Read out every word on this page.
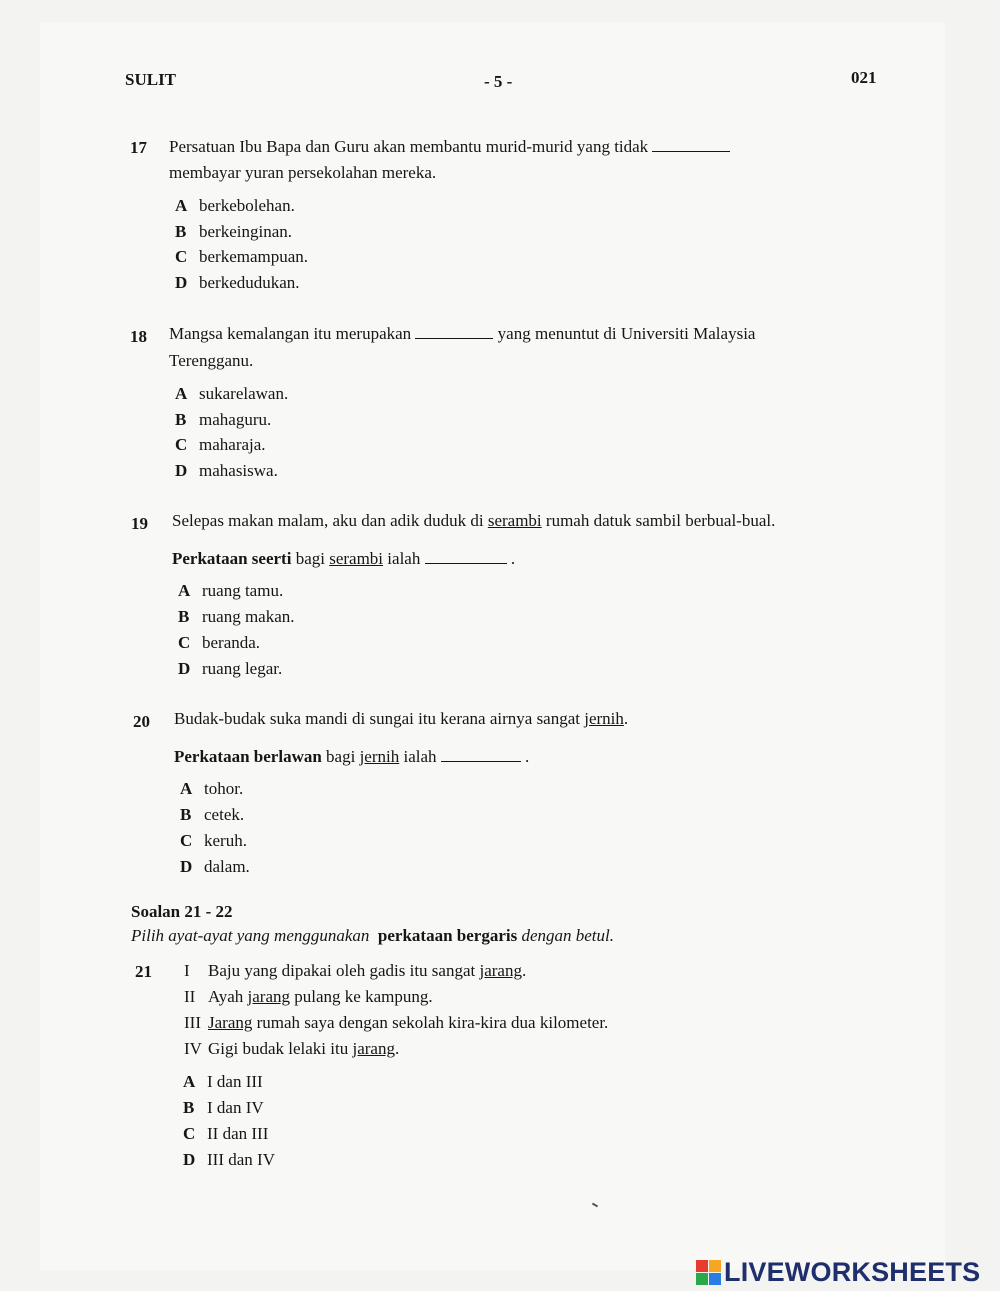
SULIT	- 5 -	021
17 Persatuan Ibu Bapa dan Guru akan membantu murid-murid yang tidak
membayar yuran persekolahan mereka.
A berkebolehan.
B berkeinginan.
C berkemampuan.
D berkedudukan.
18 Mangsa kemalangan itu merupakan	yang menuntut di Universiti Malaysia
Terengganu.
A sukarelawan.
B mahaguru.
C maharaja.
D mahasiswa.
19 Selepas makan malam, aku dan adik duduk di serambi rumah datuk sambil berbual-bual.
Perkataan seerti bagi serambi ialah	.
A ruang tamu.
B ruang makan.
C beranda.
D ruang legar.
20 Budak-budak suka mandi di sungai itu kerana airnya sangat jernih.
Perkataan berlawan bagi jernih ialah	.
A tohor.
B cetek.
C keruh.
D dalam.
Soalan 21 - 22
Pilih ayat-ayat yang menggunakan perkataan bergaris dengan betul.
21 I Baju yang dipakai oleh gadis itu sangat jarang.
II Ayah jarang pulang ke kampung.
III Jarang rumah saya dengan sekolah kira-kira dua kilometer.
IV Gigi budak lelaki itu jarang.
A I dan III
B I dan IV
C II dan III
D III dan IV
LIVEWORKSHEETS
